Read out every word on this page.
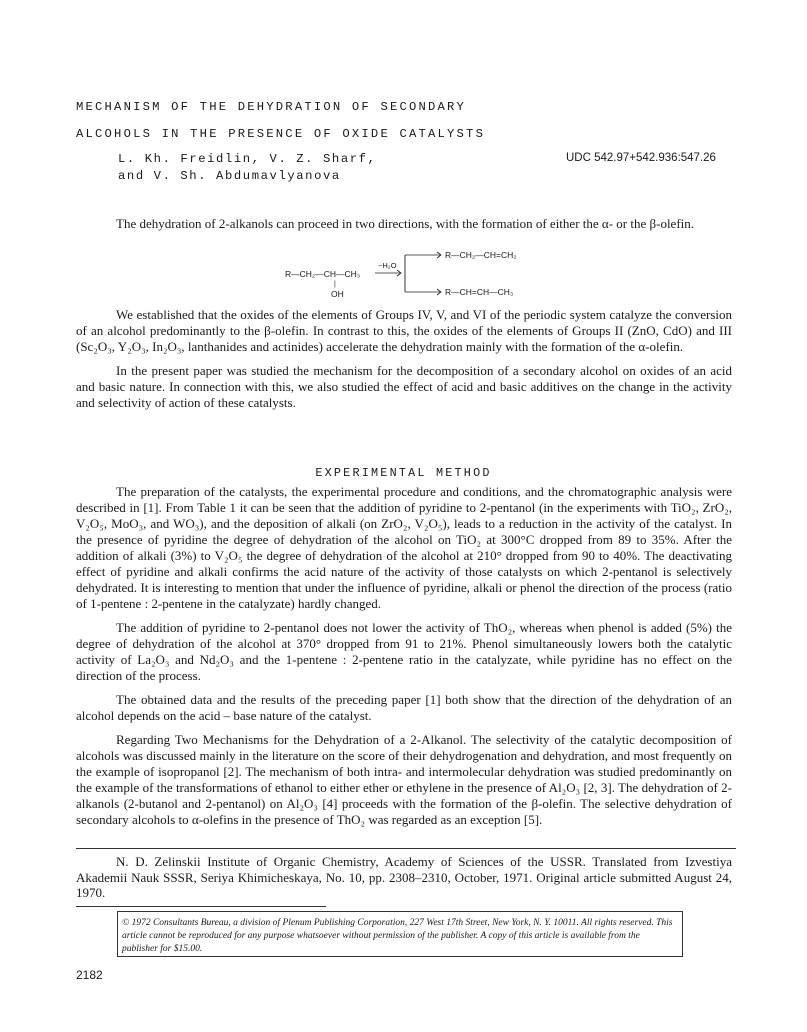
MECHANISM OF THE DEHYDRATION OF SECONDARY
ALCOHOLS IN THE PRESENCE OF OXIDE CATALYSTS
L. Kh. Freidlin, V. Z. Sharf,
and V. Sh. Abdumavlyanova
UDC 542.97+542.936:547.26

The dehydration of 2-alkanols can proceed in two directions, with the formation of either the α- or the β-olefin.

R—CH₂—CH—CH₃
|
OH
−H₂O
R—CH₂—CH=CH₂
R—CH=CH—CH₃

We established that the oxides of the elements of Groups IV, V, and VI of the periodic system catalyze the conversion of an alcohol predominantly to the β-olefin. In contrast to this, the oxides of the elements of Groups II (ZnO, CdO) and III (Sc₂O₃, Y₂O₃, In₂O₃, lanthanides and actinides) accelerate the dehydration mainly with the formation of the α-olefin.

In the present paper was studied the mechanism for the decomposition of a secondary alcohol on oxides of an acid and basic nature. In connection with this, we also studied the effect of acid and basic additives on the change in the activity and selectivity of action of these catalysts.

EXPERIMENTAL METHOD

The preparation of the catalysts, the experimental procedure and conditions, and the chromatographic analysis were described in [1]. From Table 1 it can be seen that the addition of pyridine to 2-pentanol (in the experiments with TiO₂, ZrO₂, V₂O₅, MoO₃, and WO₃), and the deposition of alkali (on ZrO₂, V₂O₅), leads to a reduction in the activity of the catalyst. In the presence of pyridine the degree of dehydration of the alcohol on TiO₂ at 300°C dropped from 89 to 35%. After the addition of alkali (3%) to V₂O₅ the degree of dehydration of the alcohol at 210° dropped from 90 to 40%. The deactivating effect of pyridine and alkali confirms the acid nature of the activity of those catalysts on which 2-pentanol is selectively dehydrated. It is interesting to mention that under the influence of pyridine, alkali or phenol the direction of the process (ratio of 1-pentene : 2-pentene in the catalyzate) hardly changed.

The addition of pyridine to 2-pentanol does not lower the activity of ThO₂, whereas when phenol is added (5%) the degree of dehydration of the alcohol at 370° dropped from 91 to 21%. Phenol simultaneously lowers both the catalytic activity of La₂O₃ and Nd₂O₃ and the 1-pentene : 2-pentene ratio in the catalyzate, while pyridine has no effect on the direction of the process.

The obtained data and the results of the preceding paper [1] both show that the direction of the dehydration of an alcohol depends on the acid – base nature of the catalyst.

Regarding Two Mechanisms for the Dehydration of a 2-Alkanol. The selectivity of the catalytic decomposition of alcohols was discussed mainly in the literature on the score of their dehydrogenation and dehydration, and most frequently on the example of isopropanol [2]. The mechanism of both intra- and intermolecular dehydration was studied predominantly on the example of the transformations of ethanol to either ether or ethylene in the presence of Al₂O₃ [2, 3]. The dehydration of 2-alkanols (2-butanol and 2-pentanol) on Al₂O₃ [4] proceeds with the formation of the β-olefin. The selective dehydration of secondary alcohols to α-olefins in the presence of ThO₂ was regarded as an exception [5].

N. D. Zelinskii Institute of Organic Chemistry, Academy of Sciences of the USSR. Translated from Izvestiya Akademii Nauk SSSR, Seriya Khimicheskaya, No. 10, pp. 2308–2310, October, 1971. Original article submitted August 24, 1970.

© 1972 Consultants Bureau, a division of Plenum Publishing Corporation, 227 West 17th Street, New York, N. Y. 10011. All rights reserved. This article cannot be reproduced for any purpose whatsoever without permission of the publisher. A copy of this article is available from the publisher for $15.00.
2182
